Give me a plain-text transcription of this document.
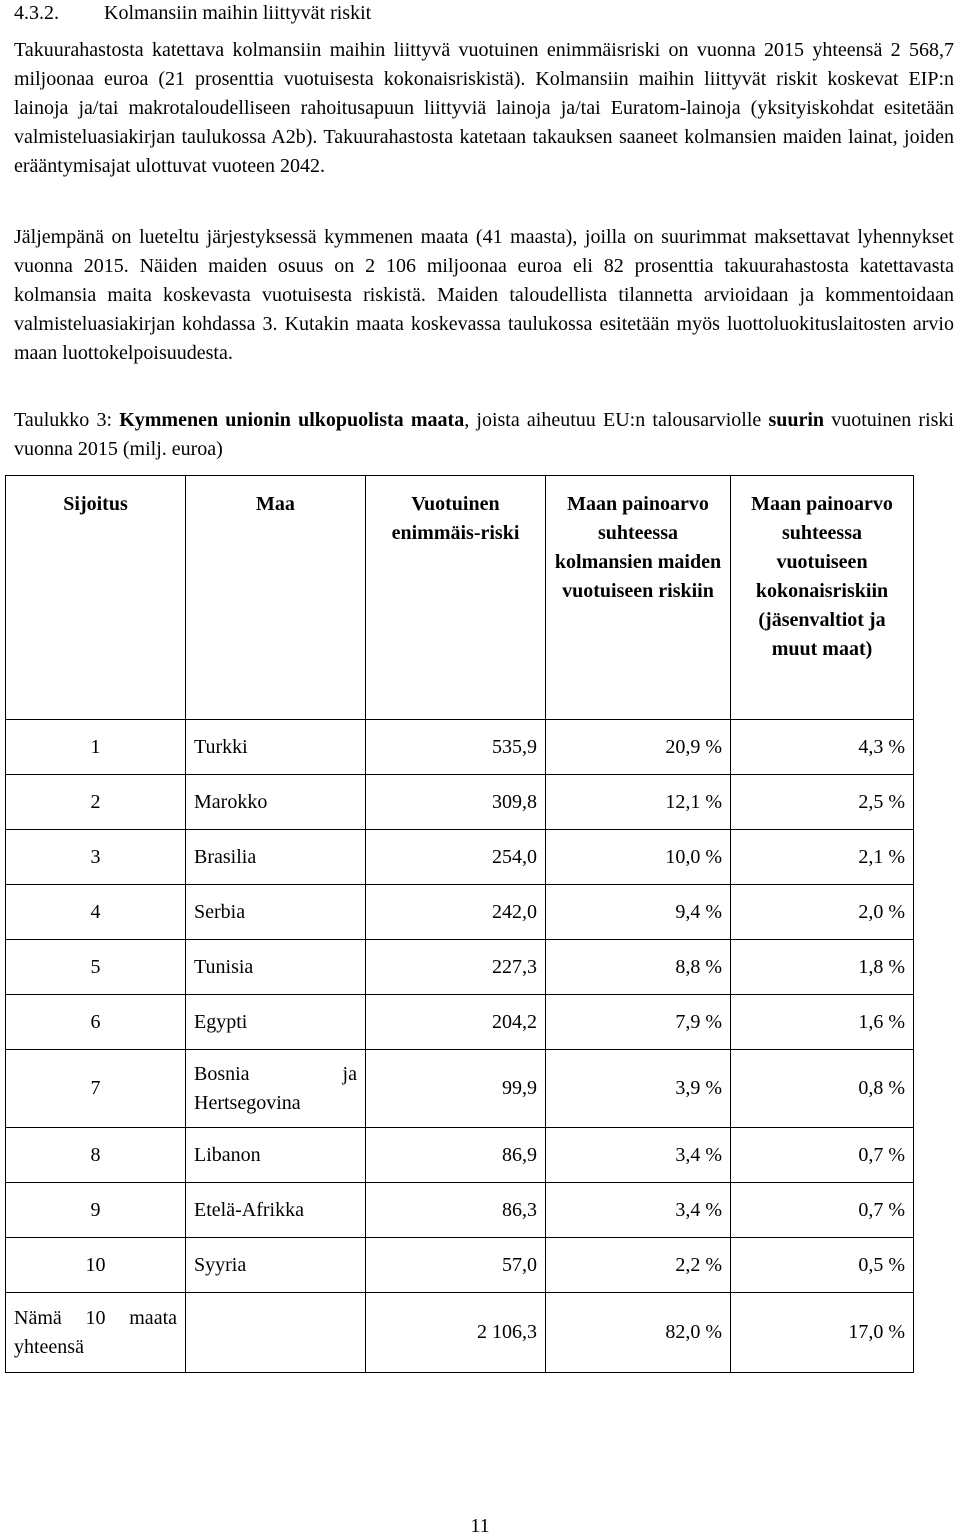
4.3.2. Kolmansiin maihin liittyvät riskit

Takuurahastosta katettava kolmansiin maihin liittyvä vuotuinen enimmäisriski on vuonna 2015 yhteensä 2 568,7 miljoonaa euroa (21 prosenttia vuotuisesta kokonaisriskistä). Kolmansiin maihin liittyvät riskit koskevat EIP:n lainoja ja/tai makrotaloudelliseen rahoitusapuun liittyviä lainoja ja/tai Euratom-lainoja (yksityiskohdat esitetään valmisteluasiakirjan taulukossa A2b). Takuurahastosta katetaan takauksen saaneet kolmansien maiden lainat, joiden erääntymisajat ulottuvat vuoteen 2042.

Jäljempänä on lueteltu järjestyksessä kymmenen maata (41 maasta), joilla on suurimmat maksettavat lyhennykset vuonna 2015. Näiden maiden osuus on 2 106 miljoonaa euroa eli 82 prosenttia takuurahastosta katettavasta kolmansia maita koskevasta vuotuisesta riskistä. Maiden taloudellista tilannetta arvioidaan ja kommentoidaan valmisteluasiakirjan kohdassa 3. Kutakin maata koskevassa taulukossa esitetään myös luottoluokituslaitosten arvio maan luottokelpoisuudesta.

Taulukko 3: Kymmenen unionin ulkopuolista maata, joista aiheutuu EU:n talousarviolle suurin vuotuinen riski vuonna 2015 (milj. euroa)

Sijoitus	Maa	Vuotuinen enimmäis-riski	Maan painoarvo suhteessa kolmansien maiden vuotuiseen riskiin	Maan painoarvo suhteessa vuotuiseen kokonaisriskiin (jäsenvaltiot ja muut maat)
1	Turkki	535,9	20,9 %	4,3 %
2	Marokko	309,8	12,1 %	2,5 %
3	Brasilia	254,0	10,0 %	2,1 %
4	Serbia	242,0	9,4 %	2,0 %
5	Tunisia	227,3	8,8 %	1,8 %
6	Egypti	204,2	7,9 %	1,6 %
7	Bosnia ja Hertsegovina	99,9	3,9 %	0,8 %
8	Libanon	86,9	3,4 %	0,7 %
9	Etelä-Afrikka	86,3	3,4 %	0,7 %
10	Syyria	57,0	2,2 %	0,5 %
Nämä 10 maata yhteensä		2 106,3	82,0 %	17,0 %
11
